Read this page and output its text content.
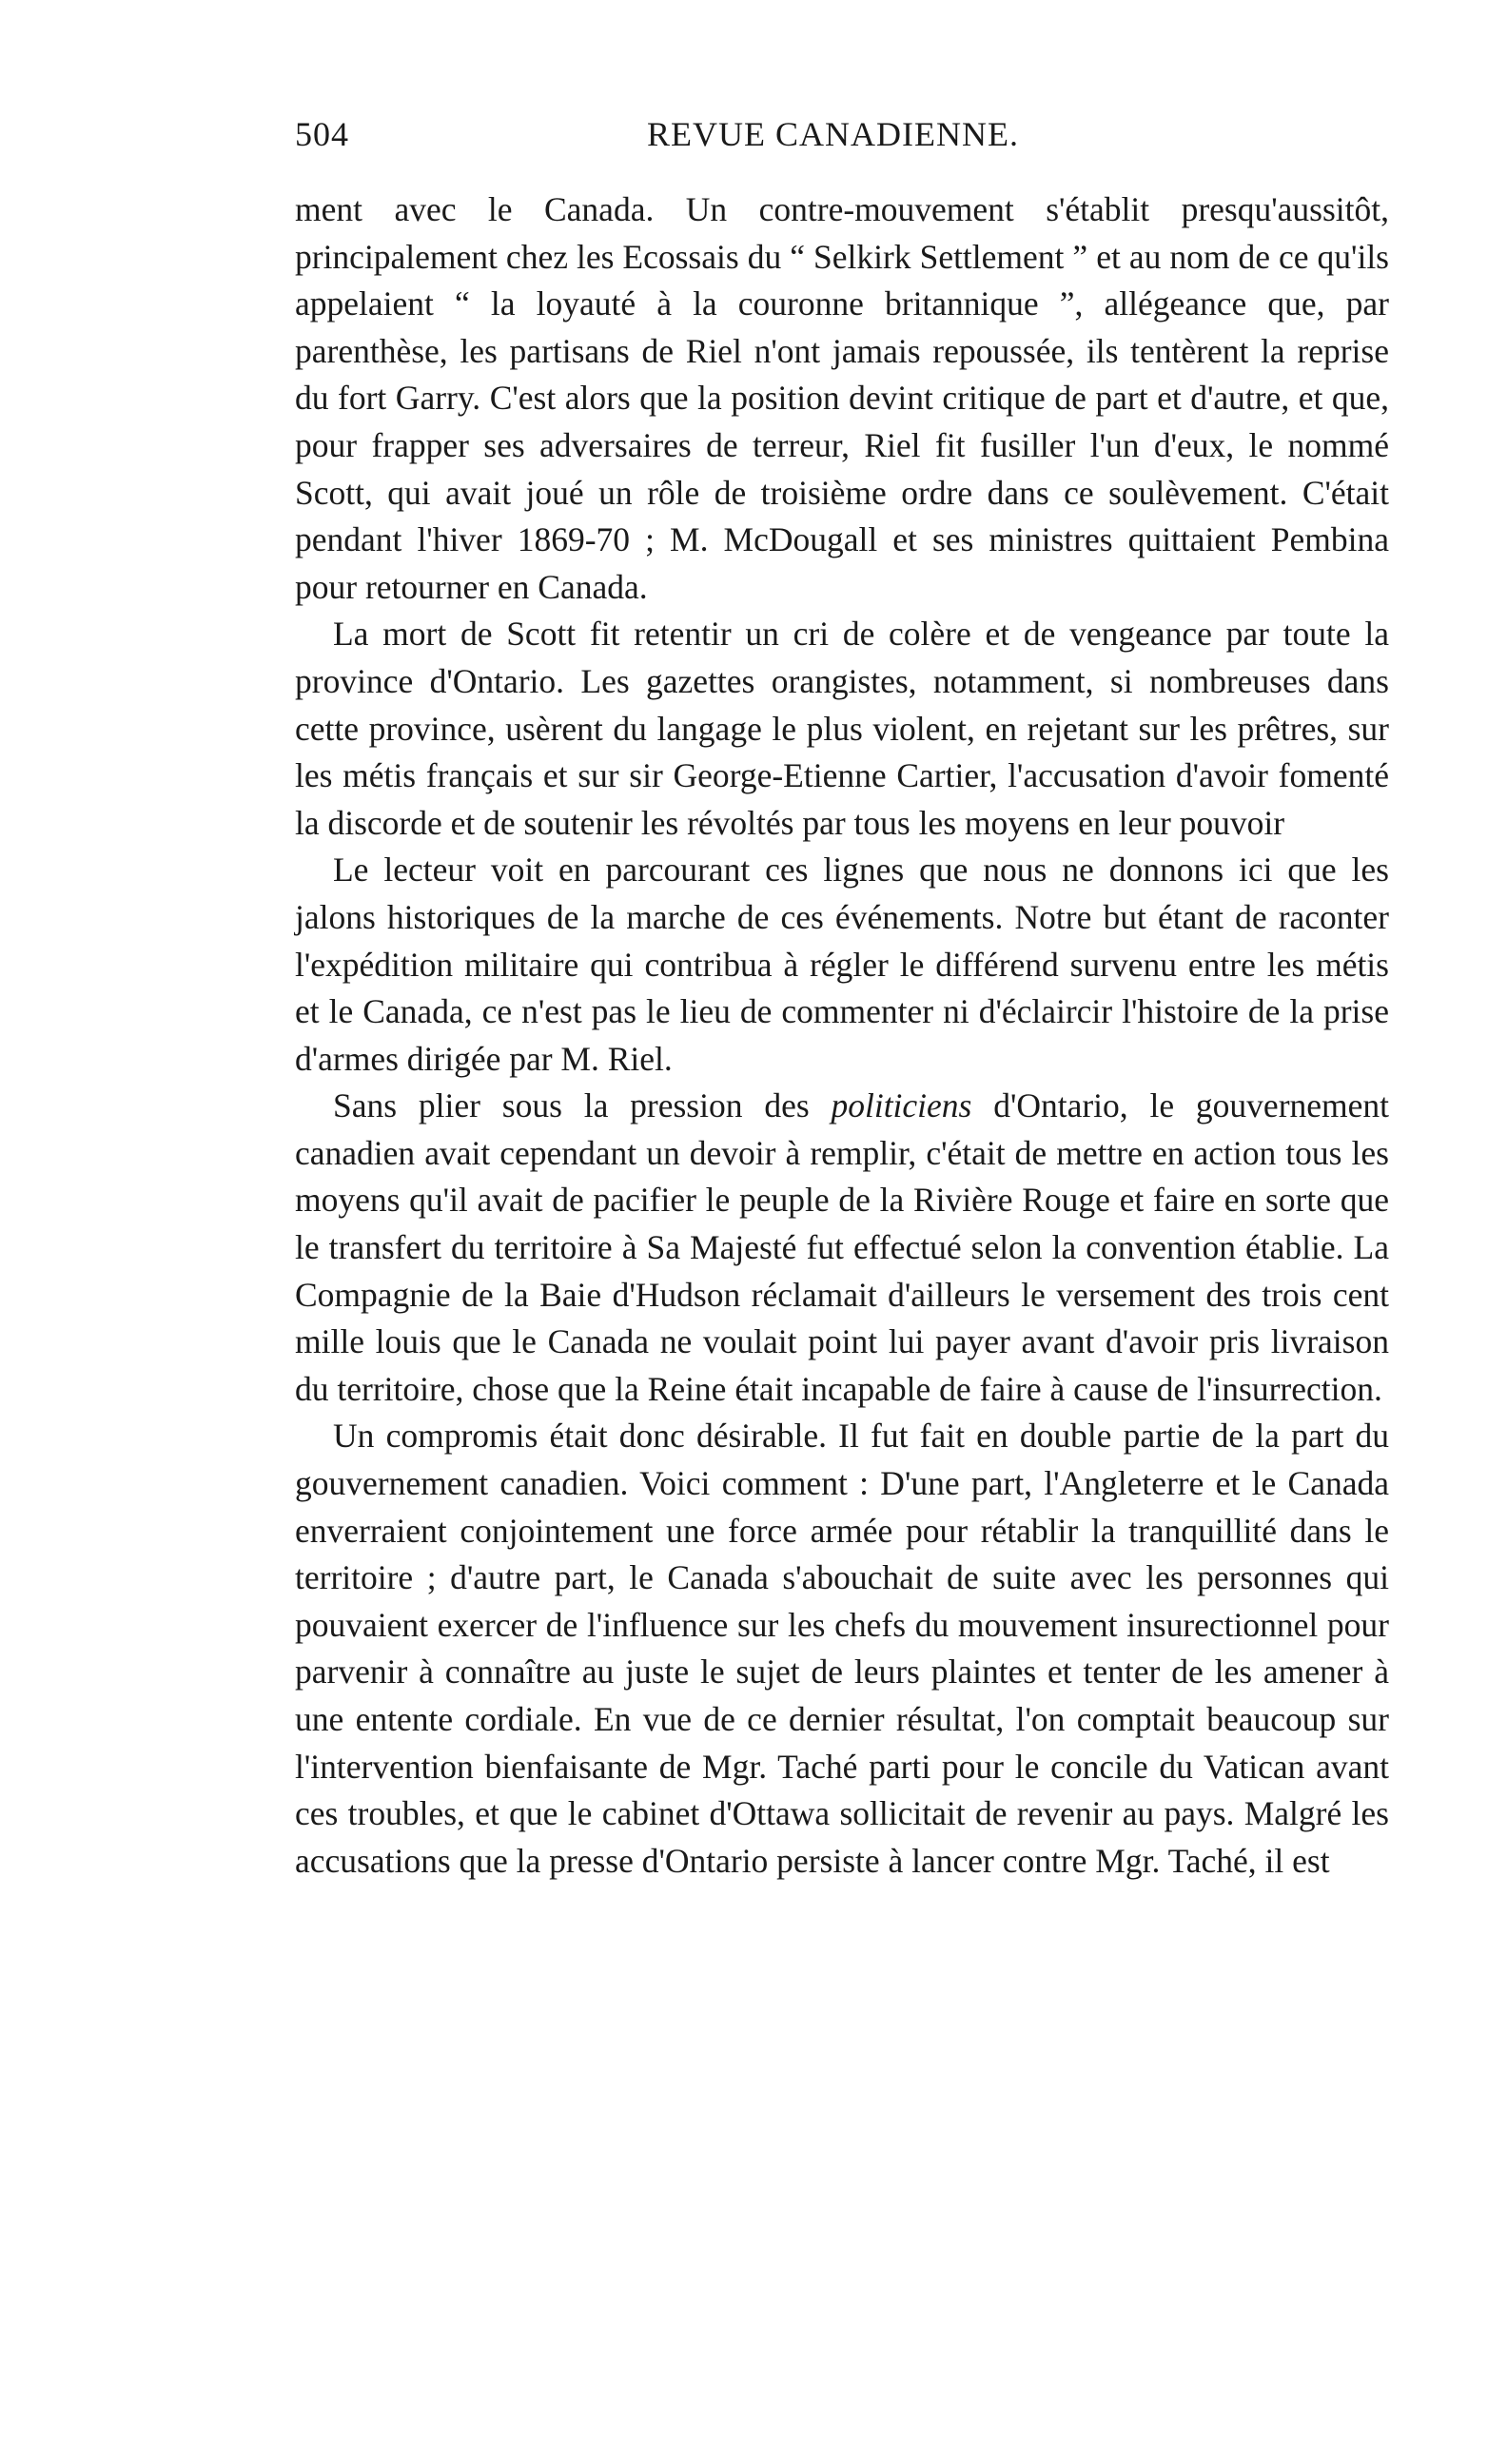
504	REVUE CANADIENNE.

ment avec le Canada. Un contre-mouvement s'établit presqu'aussitôt, principalement chez les Ecossais du “ Selkirk Settlement ” et au nom de ce qu'ils appelaient “ la loyauté à la couronne britannique ”, allégeance que, par parenthèse, les partisans de Riel n'ont jamais repoussée, ils tentèrent la reprise du fort Garry. C'est alors que la position devint critique de part et d'autre, et que, pour frapper ses adversaires de terreur, Riel fit fusiller l'un d'eux, le nommé Scott, qui avait joué un rôle de troisième ordre dans ce soulèvement. C'était pendant l'hiver 1869-70 ; M. McDougall et ses ministres quittaient Pembina pour retourner en Canada.

La mort de Scott fit retentir un cri de colère et de vengeance par toute la province d'Ontario. Les gazettes orangistes, notamment, si nombreuses dans cette province, usèrent du langage le plus violent, en rejetant sur les prêtres, sur les métis français et sur sir George-Etienne Cartier, l'accusation d'avoir fomenté la discorde et de soutenir les révoltés par tous les moyens en leur pouvoir

Le lecteur voit en parcourant ces lignes que nous ne donnons ici que les jalons historiques de la marche de ces événements. Notre but étant de raconter l'expédition militaire qui contribua à régler le différend survenu entre les métis et le Canada, ce n'est pas le lieu de commenter ni d'éclaircir l'histoire de la prise d'armes dirigée par M. Riel.

Sans plier sous la pression des politiciens d'Ontario, le gouvernement canadien avait cependant un devoir à remplir, c'était de mettre en action tous les moyens qu'il avait de pacifier le peuple de la Rivière Rouge et faire en sorte que le transfert du territoire à Sa Majesté fut effectué selon la convention établie. La Compagnie de la Baie d'Hudson réclamait d'ailleurs le versement des trois cent mille louis que le Canada ne voulait point lui payer avant d'avoir pris livraison du territoire, chose que la Reine était incapable de faire à cause de l'insurrection.

Un compromis était donc désirable. Il fut fait en double partie de la part du gouvernement canadien. Voici comment : D'une part, l'Angleterre et le Canada enverraient conjointement une force armée pour rétablir la tranquillité dans le territoire ; d'autre part, le Canada s'abouchait de suite avec les personnes qui pouvaient exercer de l'influence sur les chefs du mouvement insurectionnel pour parvenir à connaître au juste le sujet de leurs plaintes et tenter de les amener à une entente cordiale. En vue de ce dernier résultat, l'on comptait beaucoup sur l'intervention bienfaisante de Mgr. Taché parti pour le concile du Vatican avant ces troubles, et que le cabinet d'Ottawa sollicitait de revenir au pays. Malgré les accusations que la presse d'Ontario persiste à lancer contre Mgr. Taché, il est
